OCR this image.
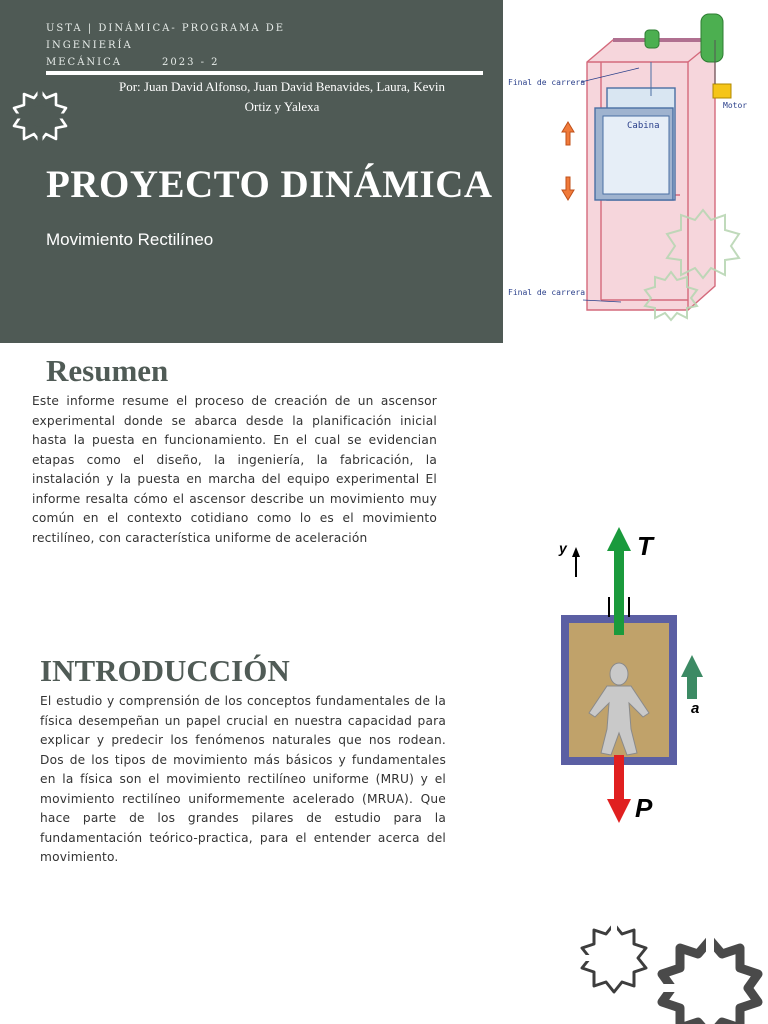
USTA | DINÁMICA- PROGRAMA DE INGENIERÍA
MECÁNICA	2023 - 2
Por: Juan David Alfonso, Juan David Benavides, Laura, Kevin Ortiz y Yalexa
PROYECTO DINÁMICA
Movimiento Rectilíneo
Final de carrera
Cabina
Motor
Final de carrera
Resumen
Este informe resume el proceso de creación de un ascensor experimental donde se abarca desde la planificación inicial hasta la puesta en funcionamiento. En el cual se evidencian etapas como el diseño, la ingeniería, la fabricación, la instalación y la puesta en marcha del equipo experimental El informe resalta cómo el ascensor describe un movimiento muy común en el contexto cotidiano como lo es el movimiento rectilíneo, con característica uniforme de aceleración
y	T
a
P
INTRODUCCIÓN
El estudio y comprensión de los conceptos fundamentales de la física desempeñan un papel crucial en nuestra capacidad para explicar y predecir los fenómenos naturales que nos rodean. Dos de los tipos de movimiento más básicos y fundamentales en la física son el movimiento rectilíneo uniforme (MRU) y el movimiento rectilíneo uniformemente acelerado (MRUA). Que hace parte de los grandes pilares de estudio para la fundamentación teórico-practica, para el entender acerca del movimiento.
